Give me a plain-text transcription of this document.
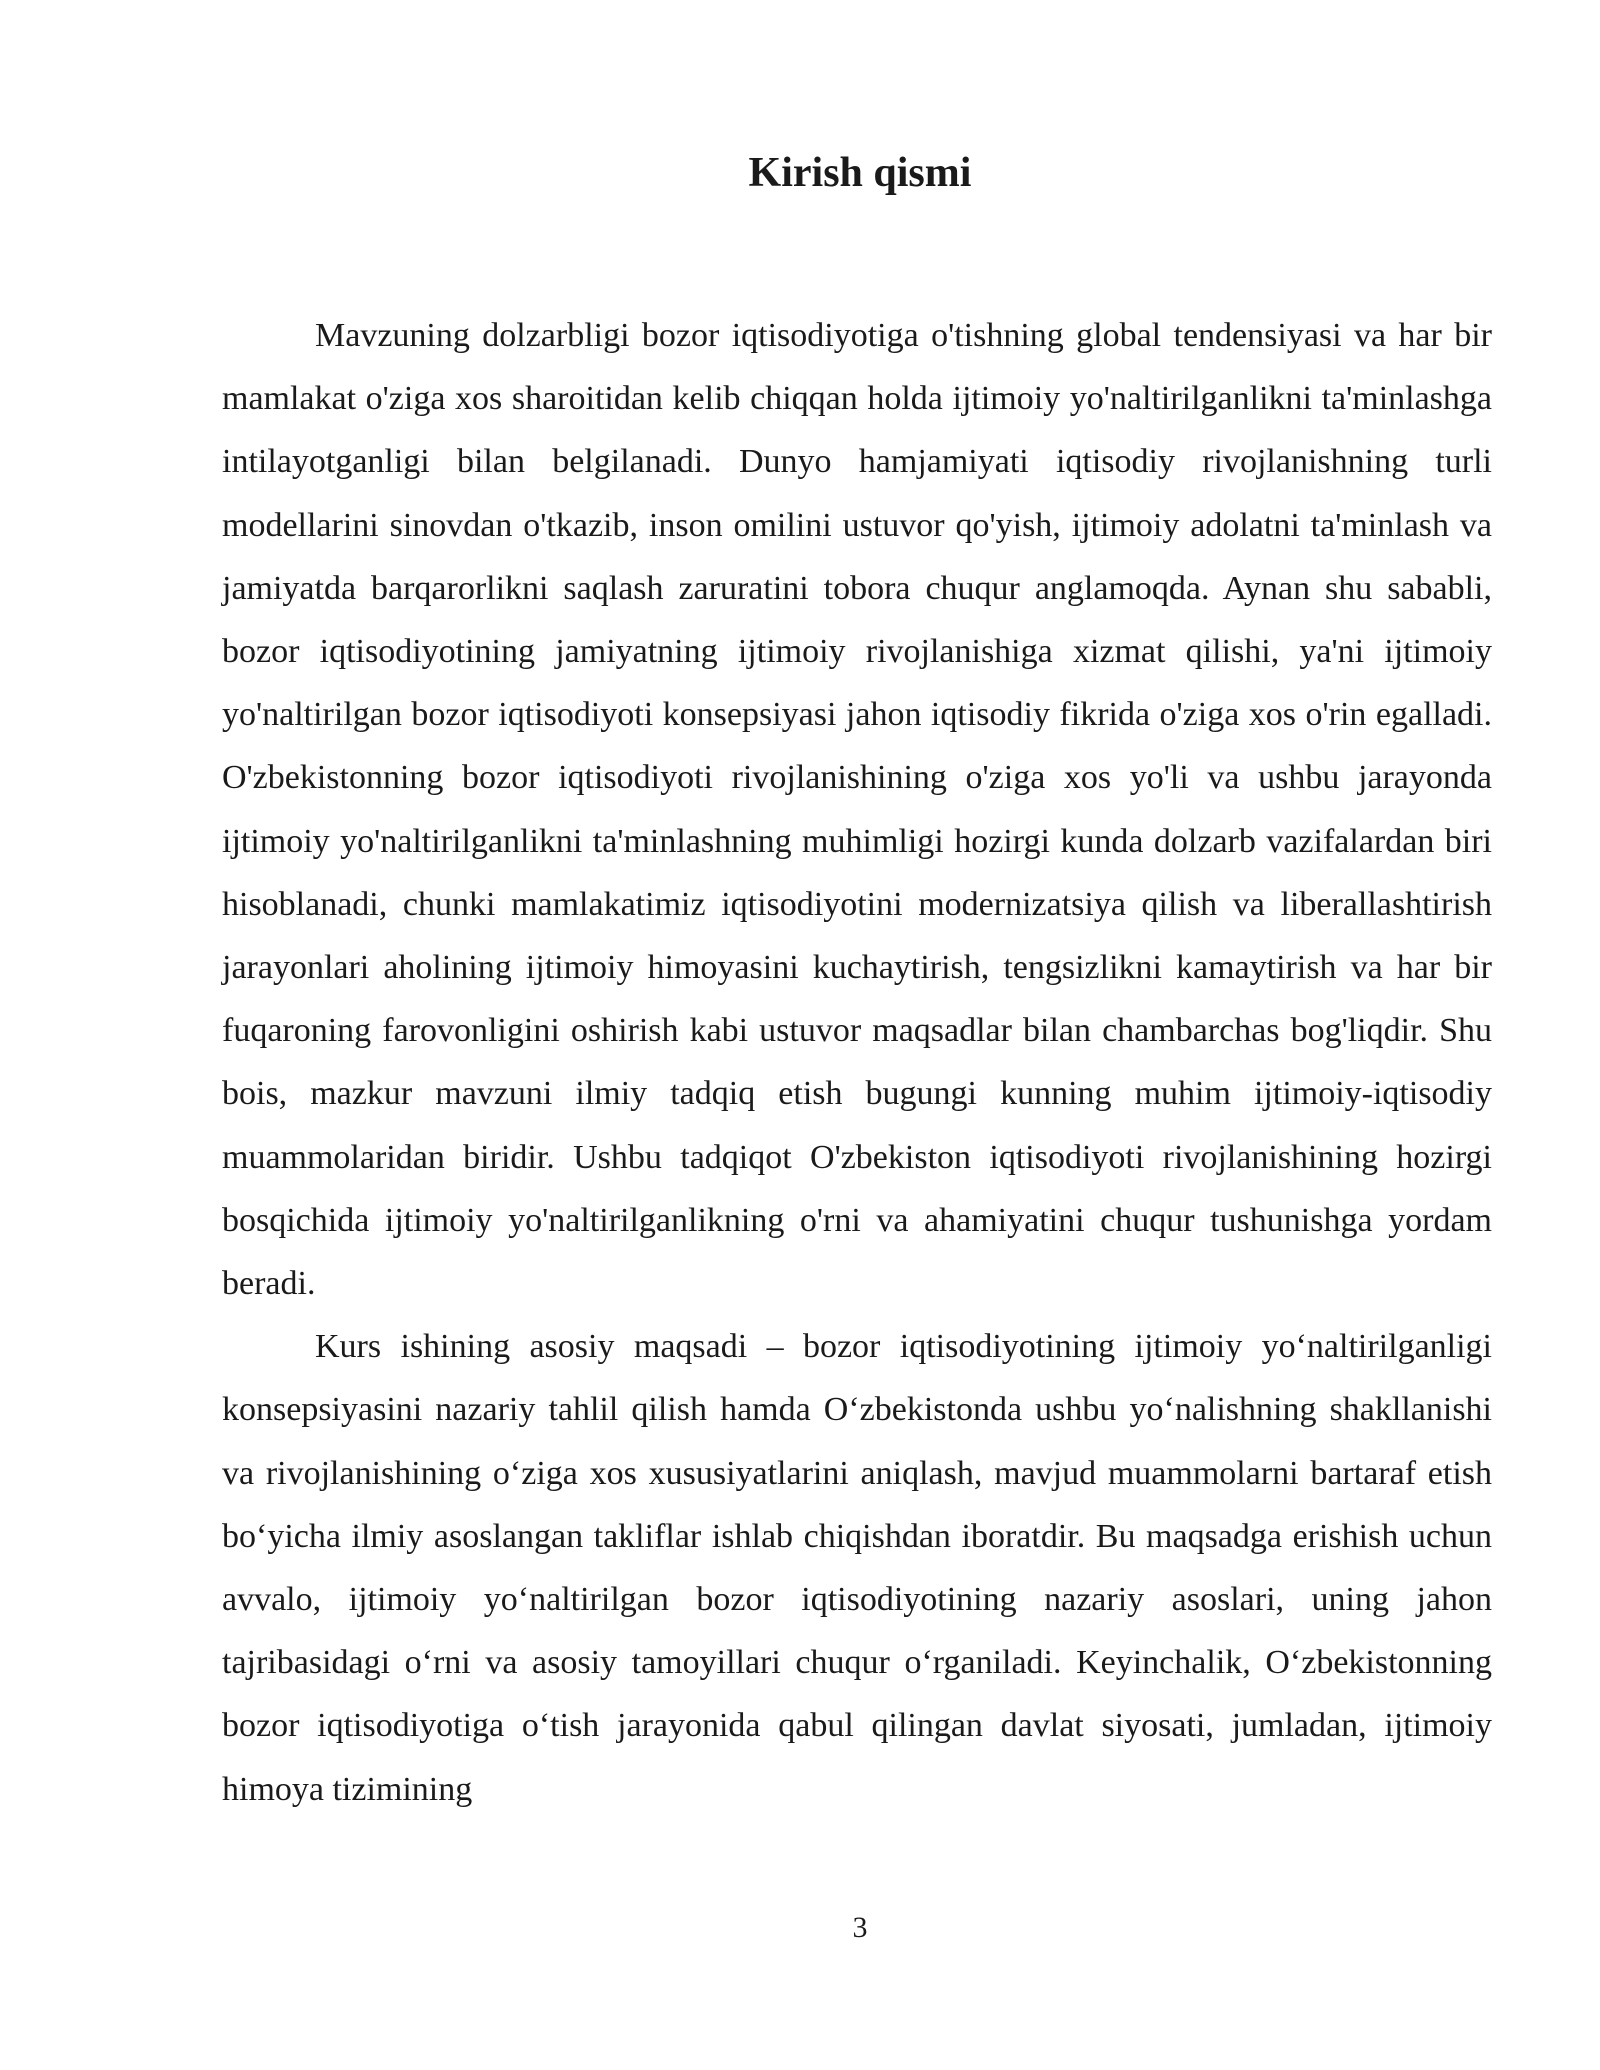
Kirish qismi

Mavzuning dolzarbligi bozor iqtisodiyotiga o'tishning global tendensiyasi va har bir mamlakat o'ziga xos sharoitidan kelib chiqqan holda ijtimoiy yo'naltirilganlikni ta'minlashga intilayotganligi bilan belgilanadi. Dunyo hamjamiyati iqtisodiy rivojlanishning turli modellarini sinovdan o'tkazib, inson omilini ustuvor qo'yish, ijtimoiy adolatni ta'minlash va jamiyatda barqarorlikni saqlash zaruratini tobora chuqur anglamoqda. Aynan shu sababli, bozor iqtisodiyotining jamiyatning ijtimoiy rivojlanishiga xizmat qilishi, ya'ni ijtimoiy yo'naltirilgan bozor iqtisodiyoti konsepsiyasi jahon iqtisodiy fikrida o'ziga xos o'rin egalladi. O'zbekistonning bozor iqtisodiyoti rivojlanishining o'ziga xos yo'li va ushbu jarayonda ijtimoiy yo'naltirilganlikni ta'minlashning muhimligi hozirgi kunda dolzarb vazifalardan biri hisoblanadi, chunki mamlakatimiz iqtisodiyotini modernizatsiya qilish va liberallashtirish jarayonlari aholining ijtimoiy himoyasini kuchaytirish, tengsizlikni kamaytirish va har bir fuqaroning farovonligini oshirish kabi ustuvor maqsadlar bilan chambarchas bog'liqdir. Shu bois, mazkur mavzuni ilmiy tadqiq etish bugungi kunning muhim ijtimoiy-iqtisodiy muammolaridan biridir. Ushbu tadqiqot O'zbekiston iqtisodiyoti rivojlanishining hozirgi bosqichida ijtimoiy yo'naltirilganlikning o'rni va ahamiyatini chuqur tushunishga yordam beradi.

Kurs ishining asosiy maqsadi – bozor iqtisodiyotining ijtimoiy yoʻnaltirilganligi konsepsiyasini nazariy tahlil qilish hamda Oʻzbekistonda ushbu yoʻnalishning shakllanishi va rivojlanishining oʻziga xos xususiyatlarini aniqlash, mavjud muammolarni bartaraf etish boʻyicha ilmiy asoslangan takliflar ishlab chiqishdan iboratdir. Bu maqsadga erishish uchun avvalo, ijtimoiy yoʻnaltirilgan bozor iqtisodiyotining nazariy asoslari, uning jahon tajribasidagi oʻrni va asosiy tamoyillari chuqur oʻrganiladi. Keyinchalik, Oʻzbekistonning bozor iqtisodiyotiga oʻtish jarayonida qabul qilingan davlat siyosati, jumladan, ijtimoiy himoya tizimining

3
